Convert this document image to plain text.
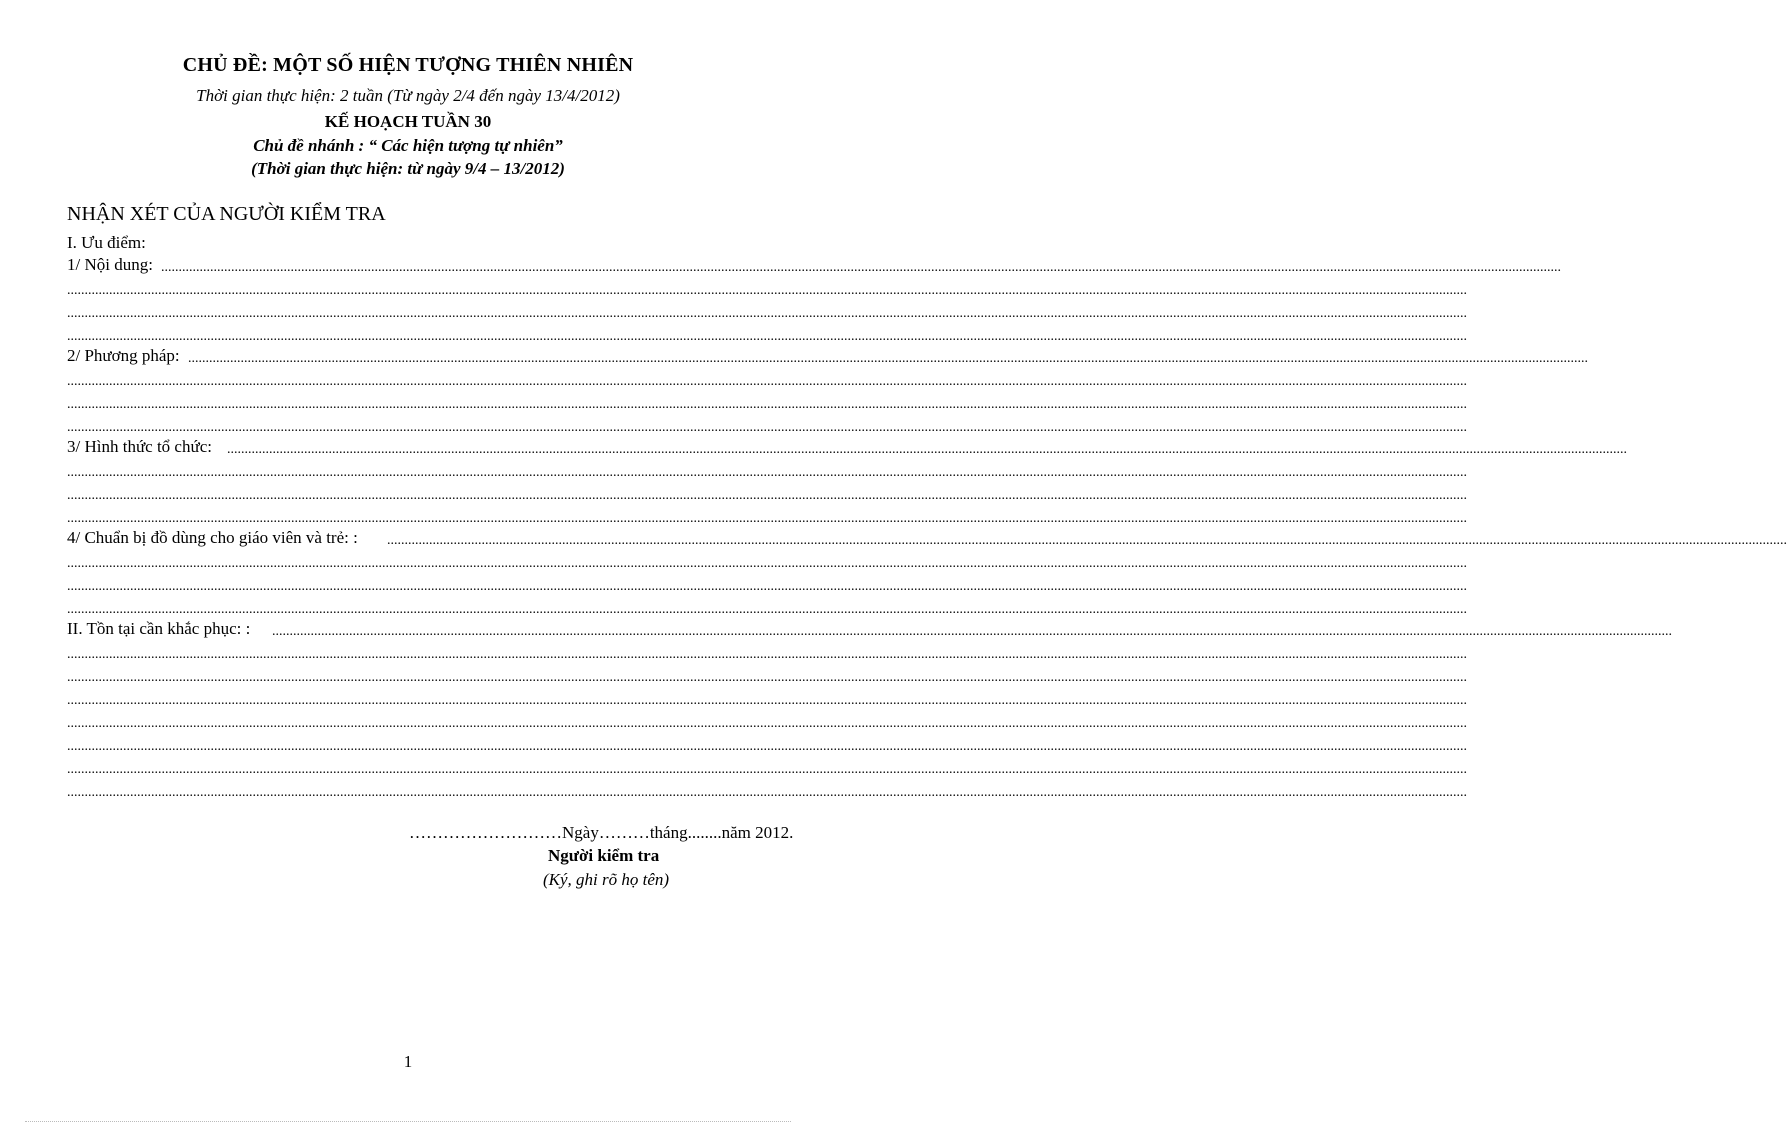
CHỦ ĐỀ: MỘT SỐ HIỆN TƯỢNG THIÊN NHIÊN
Thời gian thực hiện: 2 tuần (Từ ngày 2/4 đến ngày 13/4/2012)
KẾ HOẠCH TUẦN 30
Chủ đề nhánh : “ Các hiện tượng tự nhiên”
(Thời gian thực hiện: từ ngày 9/4 – 13/2012)
NHẬN XÉT CỦA NGƯỜI KIỂM TRA
I. Ưu điểm:
1/ Nội dung: ................................................................................................................................................................................................................................................................................................................................................................................................................
................................................................................................................................................................................................................................................................................................................................................................................................................
................................................................................................................................................................................................................................................................................................................................................................................................................
................................................................................................................................................................................................................................................................................................................................................................................................................
2/ Phương pháp: ................................................................................................................................................................................................................................................................................................................................................................................................................
................................................................................................................................................................................................................................................................................................................................................................................................................
................................................................................................................................................................................................................................................................................................................................................................................................................
................................................................................................................................................................................................................................................................................................................................................................................................................
3/ Hình thức tổ chức: ................................................................................................................................................................................................................................................................................................................................................................................................................
................................................................................................................................................................................................................................................................................................................................................................................................................
................................................................................................................................................................................................................................................................................................................................................................................................................
................................................................................................................................................................................................................................................................................................................................................................................................................
4/ Chuẩn bị đồ dùng cho giáo viên và trẻ: : ................................................................................................................................................................................................................................................................................................................................................................................................................
................................................................................................................................................................................................................................................................................................................................................................................................................
................................................................................................................................................................................................................................................................................................................................................................................................................
................................................................................................................................................................................................................................................................................................................................................................................................................
II. Tồn tại cần khắc phục: : ................................................................................................................................................................................................................................................................................................................................................................................................................
................................................................................................................................................................................................................................................................................................................................................................................................................
................................................................................................................................................................................................................................................................................................................................................................................................................
................................................................................................................................................................................................................................................................................................................................................................................................................
................................................................................................................................................................................................................................................................................................................................................................................................................
................................................................................................................................................................................................................................................................................................................................................................................................................
................................................................................................................................................................................................................................................................................................................................................................................................................
................................................................................................................................................................................................................................................................................................................................................................................................................
………………………Ngày………tháng........năm 2012.
Người kiểm tra
(Ký, ghi rõ họ tên)
1
